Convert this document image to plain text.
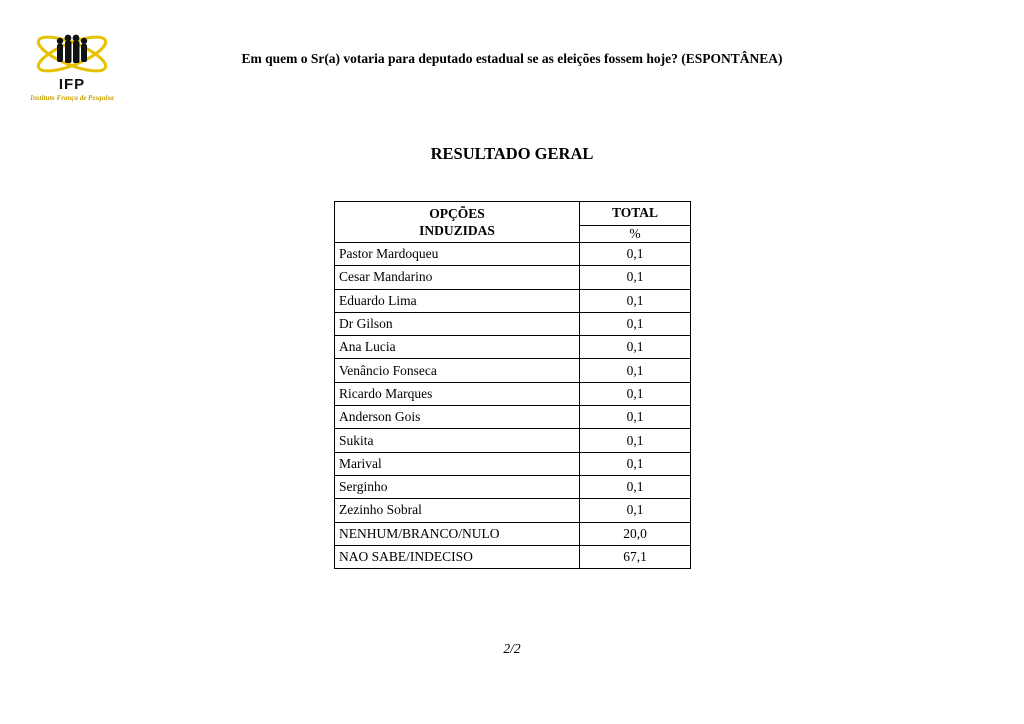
IFP
Instituto França de Pesquisa
Em quem o Sr(a) votaria para deputado estadual se as eleições fossem hoje? (ESPONTÂNEA)
RESULTADO GERAL
OPÇÕES
INDUZIDAS	TOTAL
	%
Pastor Mardoqueu	0,1
Cesar Mandarino	0,1
Eduardo Lima	0,1
Dr Gilson	0,1
Ana Lucia	0,1
Venâncio Fonseca	0,1
Ricardo Marques	0,1
Anderson Gois	0,1
Sukita	0,1
Marival	0,1
Serginho	0,1
Zezinho Sobral	0,1
NENHUM/BRANCO/NULO	20,0
NAO SABE/INDECISO	67,1
2/2
